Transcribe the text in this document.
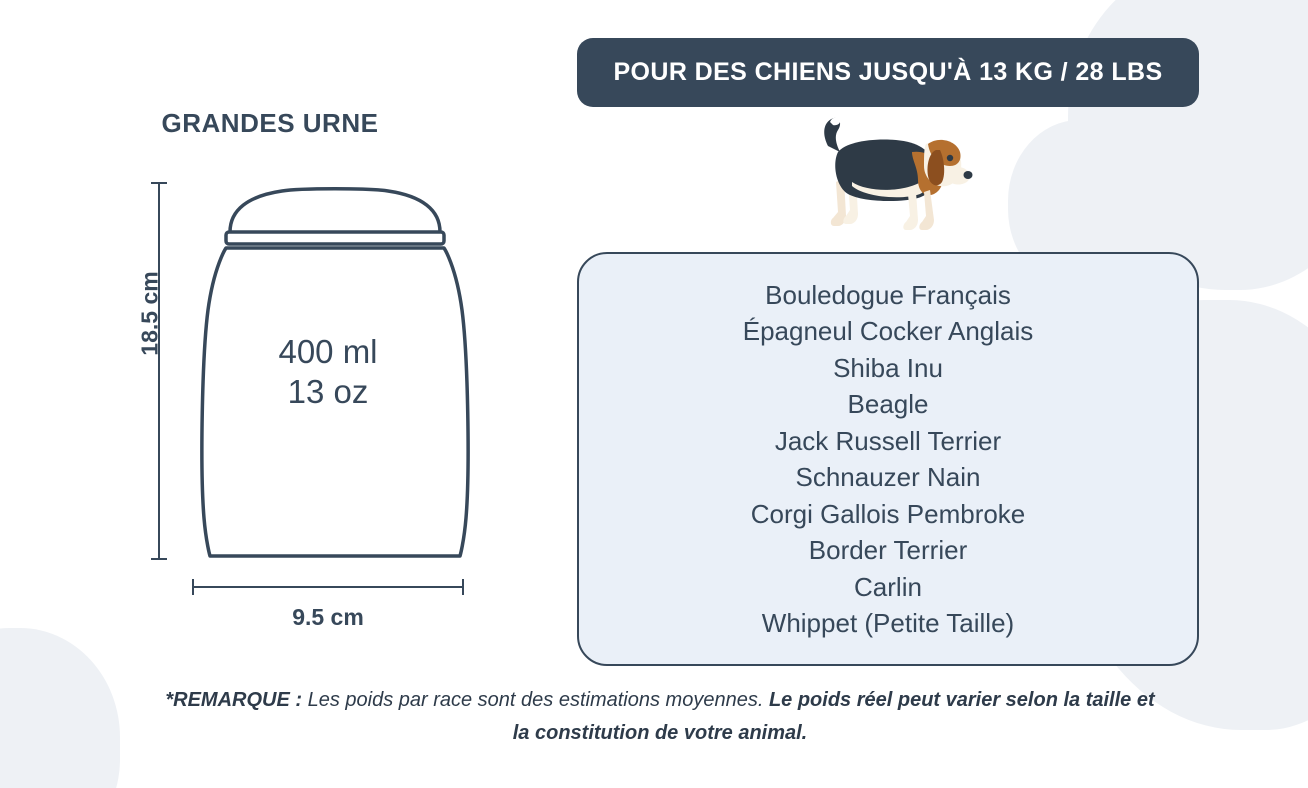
GRANDES URNE
18.5 cm
9.5 cm
400 ml
13 oz
POUR DES CHIENS JUSQU'À 13 KG / 28 LBS
Bouledogue Français
Épagneul Cocker Anglais
Shiba Inu
Beagle
Jack Russell Terrier
Schnauzer Nain
Corgi Gallois Pembroke
Border Terrier
Carlin
Whippet (Petite Taille)
*REMARQUE : Les poids par race sont des estimations moyennes. Le poids réel peut varier selon la taille et la constitution de votre animal.
